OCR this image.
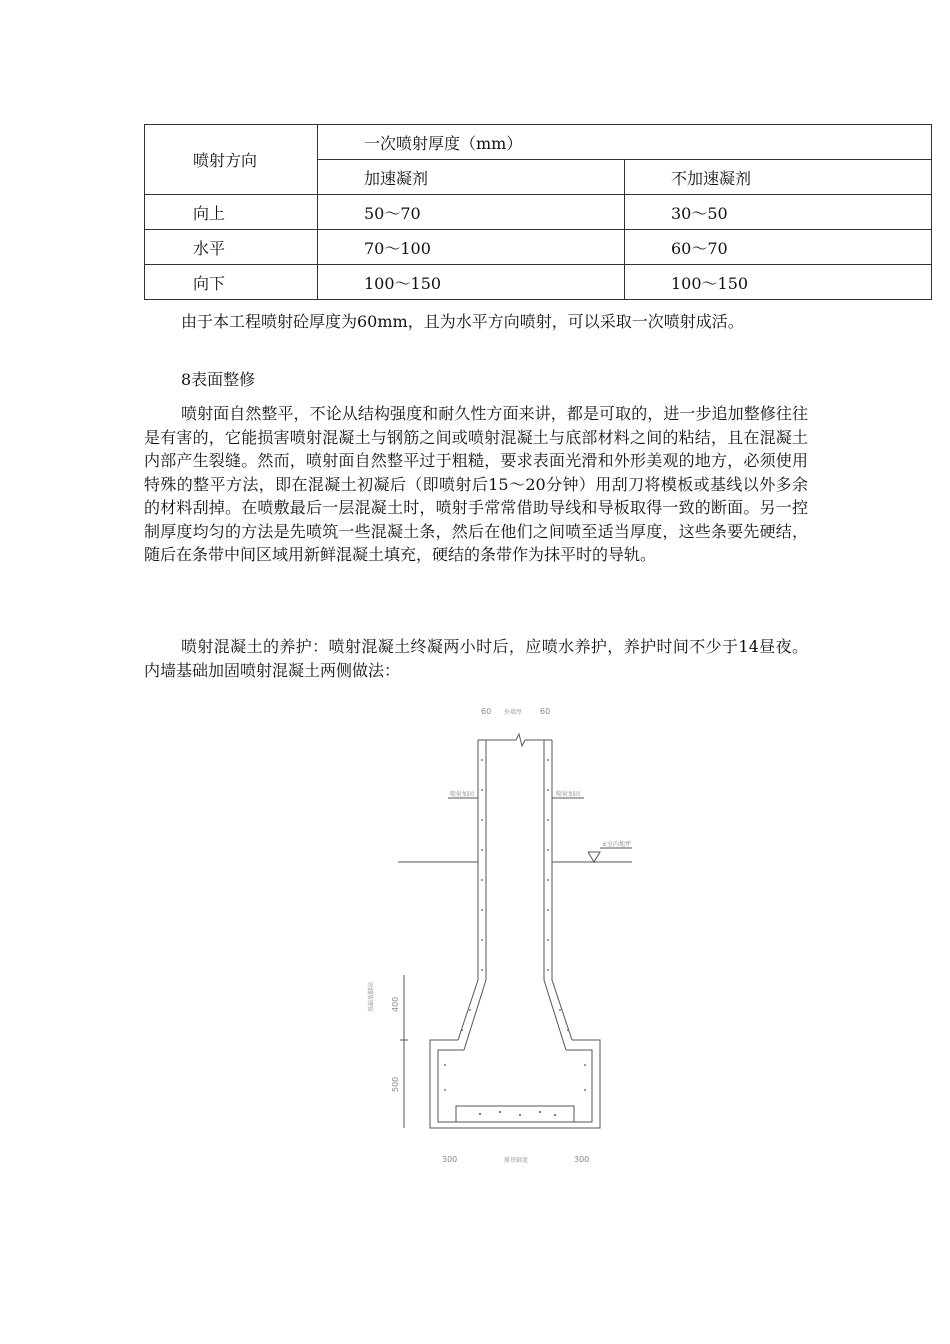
喷射方向	一次喷射厚度（mm）	
	加速凝剂	不加速凝剂
向上	50～70	30～50
水平	70～100	60～70
向下	100～150	100～150

由于本工程喷射砼厚度为60mm，且为水平方向喷射，可以采取一次喷射成活。

8表面整修

喷射面自然整平，不论从结构强度和耐久性方面来讲，都是可取的，进一步追加整修往往是有害的，它能损害喷射混凝土与钢筋之间或喷射混凝土与底部材料之间的粘结，且在混凝土内部产生裂缝。然而，喷射面自然整平过于粗糙，要求表面光滑和外形美观的地方，必须使用特殊的整平方法，即在混凝土初凝后（即喷射后15～20分钟）用刮刀将模板或基线以外多余的材料刮掉。在喷敷最后一层混凝土时，喷射手常常借助导线和导板取得一致的断面。另一控制厚度均匀的方法是先喷筑一些混凝土条，然后在他们之间喷至适当厚度，这些条要先硬结，随后在条带中间区域用新鲜混凝土填充，硬结的条带作为抹平时的导轨。

喷射混凝土的养护：喷射混凝土终凝两小时后，应喷水养护，养护时间不少于14昼夜。内墙基础加固喷射混凝土两侧做法：

60 外墙厚 60
喷射加固	喷射加固
±室内地坪
基础放脚高 400
500
300	原基础宽	300
